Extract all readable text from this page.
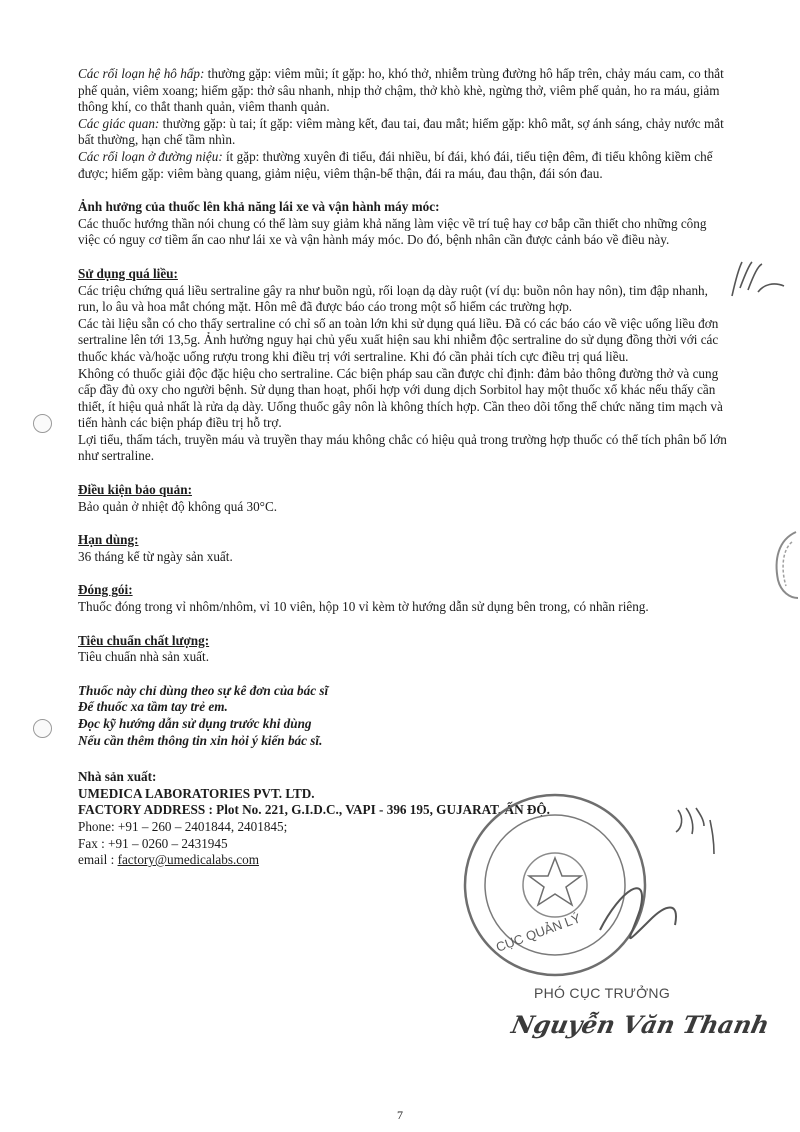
Các rối loạn hệ hô hấp: thường gặp: viêm mũi; ít gặp: ho, khó thở, nhiễm trùng đường hô hấp trên, chảy máu cam, co thắt phế quản, viêm xoang; hiếm gặp: thở sâu nhanh, nhịp thở chậm, thở khò khè, ngừng thở, viêm phế quản, ho ra máu, giảm thông khí, co thắt thanh quản, viêm thanh quản.

Các giác quan: thường gặp: ù tai; ít gặp: viêm màng kết, đau tai, đau mắt; hiếm gặp: khô mắt, sợ ánh sáng, chảy nước mắt bất thường, hạn chế tầm nhìn.

Các rối loạn ở đường niệu: ít gặp: thường xuyên đi tiểu, đái nhiều, bí đái, khó đái, tiểu tiện đêm, đi tiểu không kiềm chế được; hiếm gặp: viêm bàng quang, giảm niệu, viêm thận-bể thận, đái ra máu, đau thận, đái són đau.

Ảnh hưởng của thuốc lên khả năng lái xe và vận hành máy móc:

Các thuốc hướng thần nói chung có thể làm suy giảm khả năng làm việc về trí tuệ hay cơ bắp cần thiết cho những công việc có nguy cơ tiềm ẩn cao như lái xe và vận hành máy móc. Do đó, bệnh nhân cần được cảnh báo về điều này.

Sử dụng quá liều:

Các triệu chứng quá liều sertraline gây ra như buồn ngủ, rối loạn dạ dày ruột (ví dụ: buồn nôn hay nôn), tim đập nhanh, run, lo âu và hoa mắt chóng mặt. Hôn mê đã được báo cáo trong một số hiếm các trường hợp.

Các tài liệu sẵn có cho thấy sertraline có chỉ số an toàn lớn khi sử dụng quá liều. Đã có các báo cáo về việc uống liều đơn sertraline lên tới 13,5g. Ảnh hưởng nguy hại chủ yếu xuất hiện sau khi nhiễm độc sertraline do sử dụng đồng thời với các thuốc khác và/hoặc uống rượu trong khi điều trị với sertraline. Khi đó cần phải tích cực điều trị quá liều.

Không có thuốc giải độc đặc hiệu cho sertraline. Các biện pháp sau cần được chỉ định: đảm bảo thông đường thở và cung cấp đầy đủ oxy cho người bệnh. Sử dụng than hoạt, phối hợp với dung dịch Sorbitol hay một thuốc xổ khác nếu thấy cần thiết, ít hiệu quả nhất là rửa dạ dày. Uống thuốc gây nôn là không thích hợp. Cần theo dõi tổng thể chức năng tim mạch và tiến hành các biện pháp điều trị hỗ trợ.

Lợi tiểu, thẩm tách, truyền máu và truyền thay máu không chắc có hiệu quả trong trường hợp thuốc có thể tích phân bố lớn như sertraline.

Điều kiện bảo quản:

Bảo quản ở nhiệt độ không quá 30°C.

Hạn dùng:

36 tháng kể từ ngày sản xuất.

Đóng gói:

Thuốc đóng trong vỉ nhôm/nhôm, vỉ 10 viên, hộp 10 vỉ kèm tờ hướng dẫn sử dụng bên trong, có nhãn riêng.

Tiêu chuẩn chất lượng:

Tiêu chuẩn nhà sản xuất.

Thuốc này chỉ dùng theo sự kê đơn của bác sĩ

Để thuốc xa tầm tay trẻ em.

Đọc kỹ hướng dẫn sử dụng trước khi dùng

Nếu cần thêm thông tin xin hỏi ý kiến bác sĩ.

Nhà sản xuất:

UMEDICA LABORATORIES PVT. LTD.

FACTORY ADDRESS : Plot No. 221, G.I.D.C., VAPI - 396 195, GUJARAT, ẤN ĐỘ.

Phone: +91 – 260 – 2401844, 2401845;

Fax : +91 – 0260 – 2431945

email : factory@umedicalabs.com

CỤC QUẢN LÝ
PHÓ CỤC TRƯỞNG
Nguyễn Văn Thanh
7
